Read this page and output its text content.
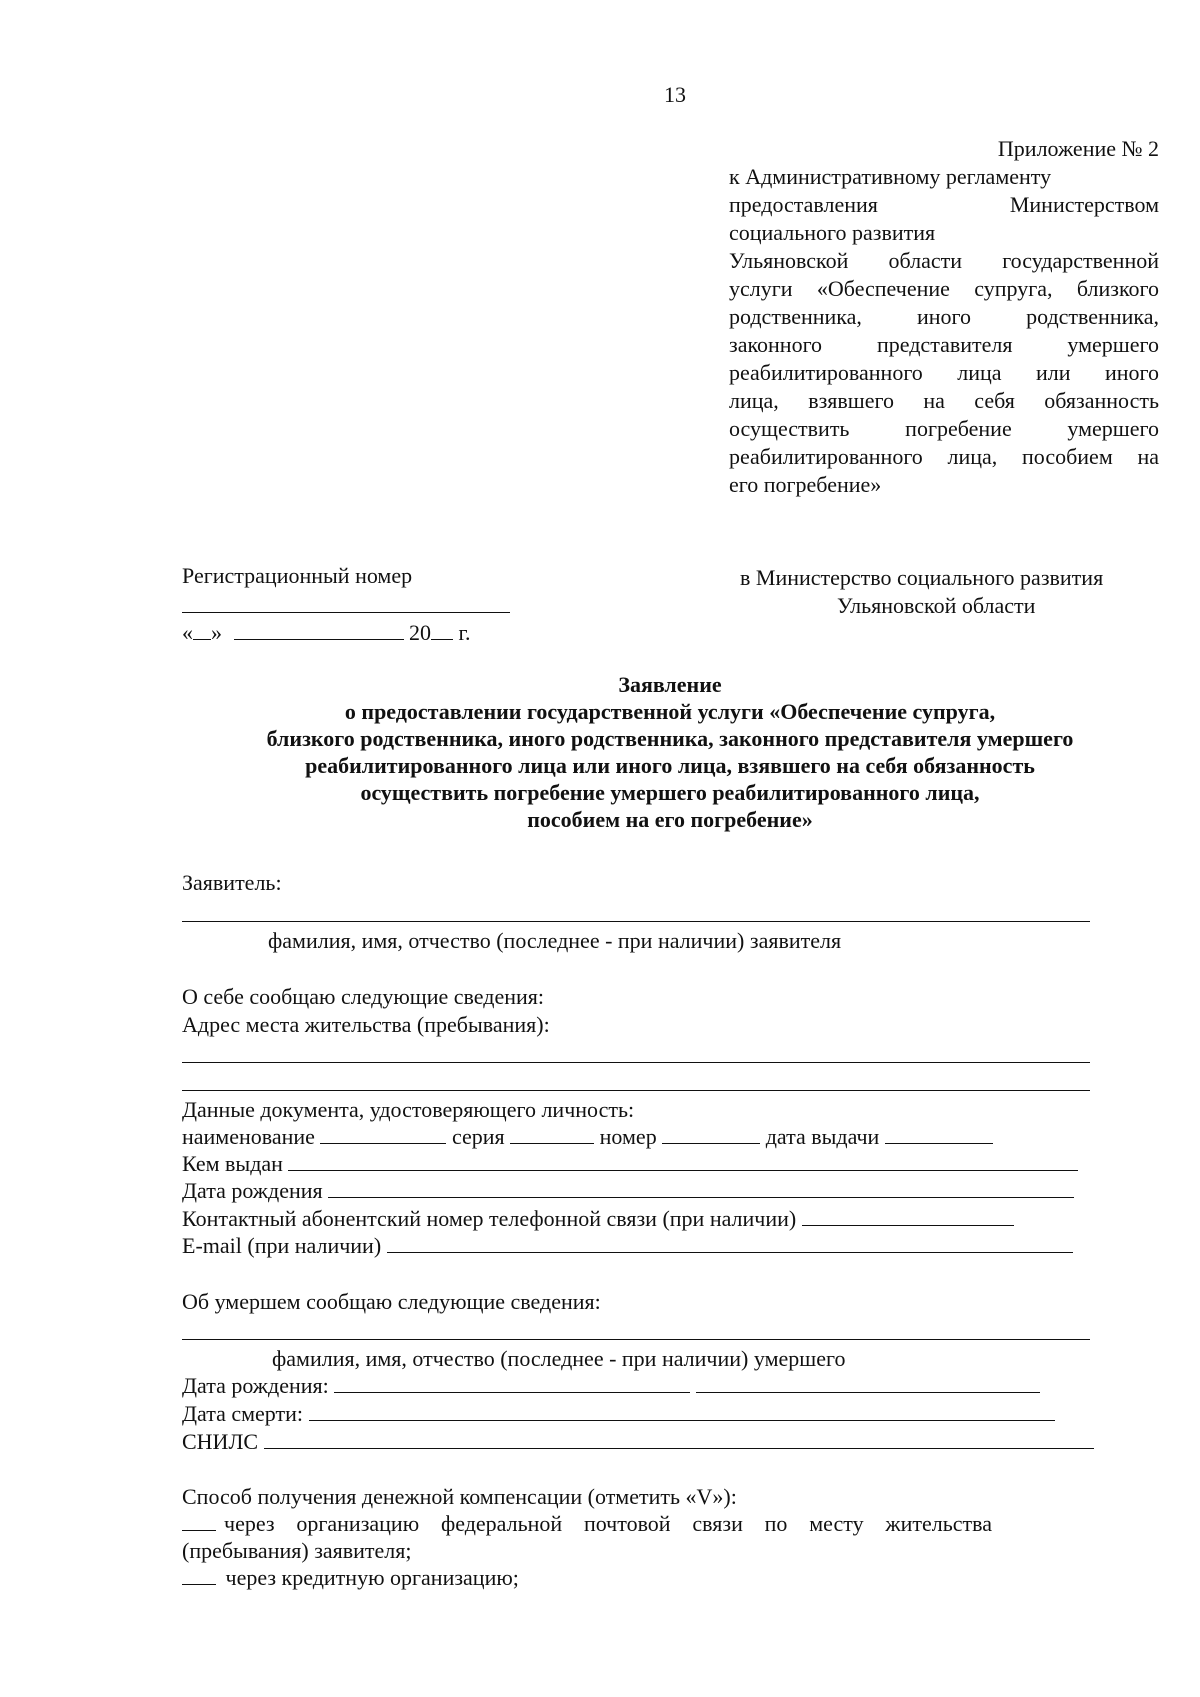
13
Приложение № 2
к Административному регламенту
предоставления Министерством
социального развития
Ульяновской области государственной
услуги «Обеспечение супруга, близкого
родственника, иного родственника,
законного представителя умершего
реабилитированного лица или иного
лица, взявшего на себя обязанность
осуществить погребение умершего
реабилитированного лица, пособием на
его погребение»
Регистрационный номер
« »	20 г.
в Министерство социального развития
Ульяновской области
Заявление
о предоставлении государственной услуги «Обеспечение супруга,
близкого родственника, иного родственника, законного представителя умершего
реабилитированного лица или иного лица, взявшего на себя обязанность
осуществить погребение умершего реабилитированного лица,
пособием на его погребение»
Заявитель:
фамилия, имя, отчество (последнее - при наличии) заявителя
О себе сообщаю следующие сведения:
Адрес места жительства (пребывания):
Данные документа, удостоверяющего личность:
наименование	серия	номер	дата выдачи
Кем выдан
Дата рождения
Контактный абонентский номер телефонной связи (при наличии)
E-mail (при наличии)
Об умершем сообщаю следующие сведения:
фамилия, имя, отчество (последнее - при наличии) умершего
Дата рождения:
Дата смерти:
СНИЛС
Способ получения денежной компенсации (отметить «V»):
через организацию федеральной почтовой связи по месту жительства
(пребывания) заявителя;
через кредитную организацию;
